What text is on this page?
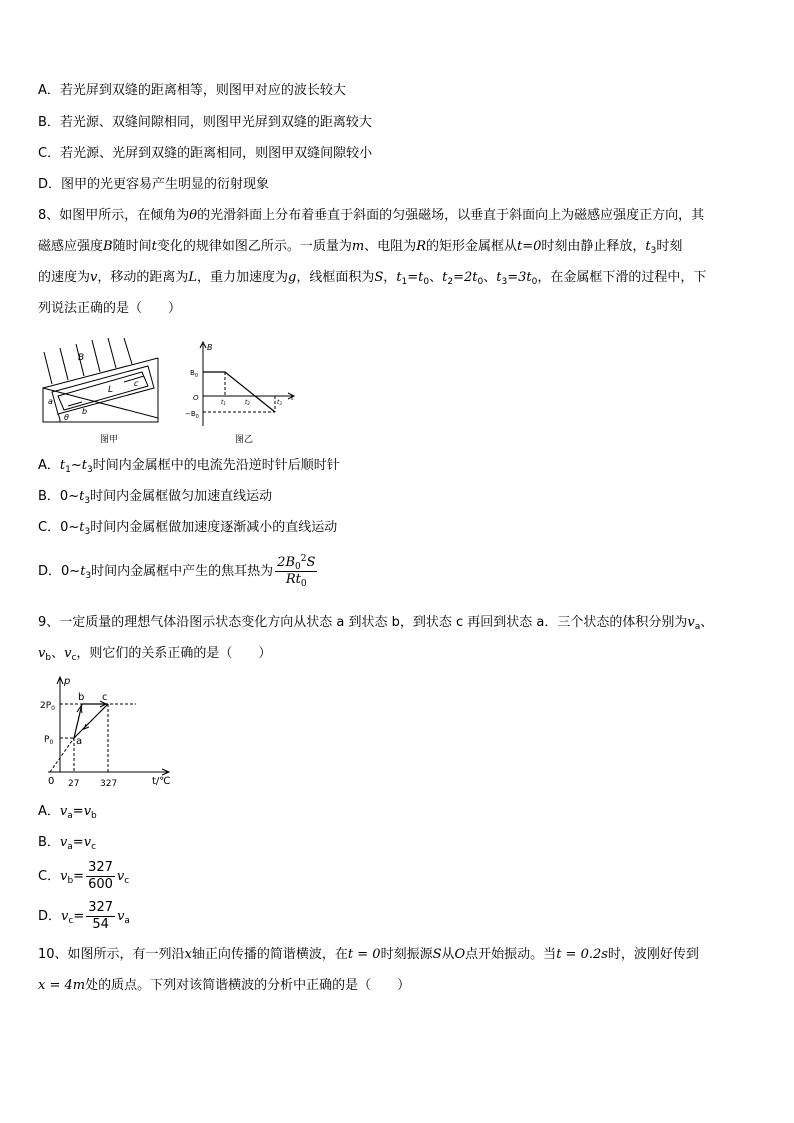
A．若光屏到双缝的距离相等，则图甲对应的波长较大
B．若光源、双缝间隙相同，则图甲光屏到双缝的距离较大
C．若光源、光屏到双缝的距离相同，则图甲双缝间隙较小
D．图甲的光更容易产生明显的衍射现象
8、如图甲所示，在倾角为θ的光滑斜面上分布着垂直于斜面的匀强磁场，以垂直于斜面向上为磁感应强度正方向，其
磁感应强度B随时间t变化的规律如图乙所示。一质量为m、电阻为R的矩形金属框从t=0时刻由静止释放，$t_3$时刻
的速度为v，移动的距离为L，重力加速度为g，线框面积为S，$t_1=t_0$、$t_2=2t_0$、$t_3=3t_0$，在金属框下滑的过程中，下
列说法正确的是（　　）
B
L
c
b
a
θ
图甲
B
$B_0$
O
$-B_0$
t1	t2	t3
t
图乙
A．$t_1\sim t_3$时间内金属框中的电流先沿逆时针后顺时针
B．$0\sim t_3$时间内金属框做匀加速直线运动
C．$0\sim t_3$时间内金属框做加速度逐渐减小的直线运动
D．$0\sim t_3$时间内金属框中产生的焦耳热为 $\frac{2B_0^2S}{Rt_0}$
9、一定质量的理想气体沿图示状态变化方向从状态 a 到状态 b，到状态 c 再回到状态 a．三个状态的体积分别为$v_a$、
$v_b$、$v_c$，则它们的关系正确的是（　　）
p
$2P_0$
$P_0$
0 27 327	t/℃
a
b c
A．$v_a=v_b$
B．$v_a=v_c$
C．$v_b= \frac{327}{600} v_c$
D．$v_c= \frac{327}{54} v_a$
10、如图所示，有一列沿x轴正向传播的简谐横波，在t = 0时刻振源S从O点开始振动。当t = 0.2s时，波刚好传到
x = 4m处的质点。下列对该简谐横波的分析中正确的是（　　）
